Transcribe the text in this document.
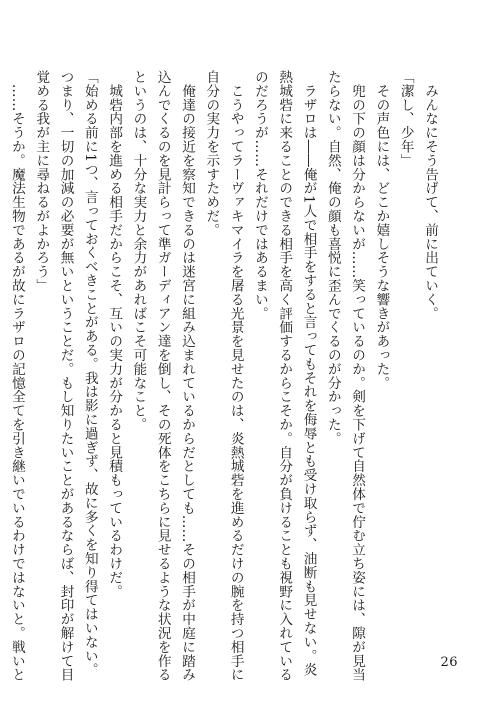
　みんなにそう告げて、前に出ていく。
「潔し、少年」
　その声色には、どこか嬉しそうな響きがあった。
　兜の下の顔は分からないが……笑っているのか。剣を下げて自然体で佇む立ち姿には、隙が見当
たらない。自然、俺の顔も喜悦に歪んでくるのが分かった。
　ラザロは――俺が1人で相手をすると言ってもそれを侮辱とも受け取らず、油断も見せない。炎
熱城砦に来ることのできる相手を高く評価するからこそか。自分が負けることも視野に入れている
のだろうが……それだけではあるまい。
　こうやってラーヴァキマイラを屠る光景を見せたのは、炎熱城砦を進めるだけの腕を持つ相手に
自分の実力を示すためだ。
　俺達の接近を察知できるのは迷宮に組み込まれているからだとしても……その相手が中庭に踏み
込んでくるのを見計らって準ガーディアン達を倒し、その死体をこちらに見せるような状況を作る
というのは、十分な実力と余力があればこそ可能なこと。
　城砦内部を進める相手だからこそ、互いの実力が分かると見積もっているわけだ。
「始める前に1つ、言っておくべきことがある。我は影に過ぎず、故に多くを知り得てはいない。
つまり、一切の加減の必要が無いということだ。もし知りたいことがあるならば、封印が解けて目
覚める我が主に尋ねるがよかろう」
　……そうか。魔法生物であるが故にラザロの記憶全てを引き継いでいるわけではないと。戦いと	26
